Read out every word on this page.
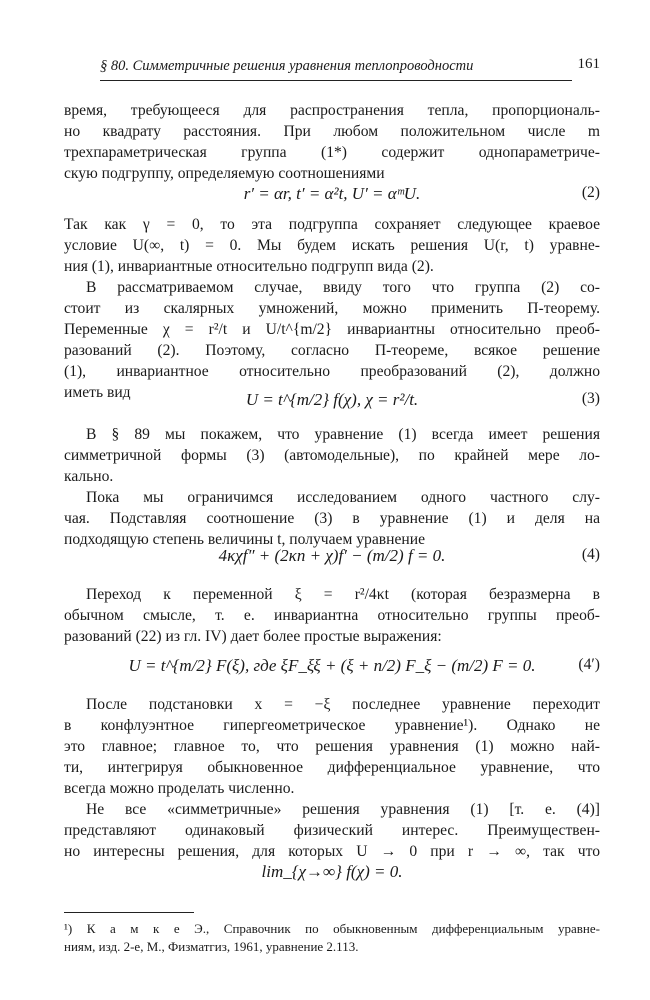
§ 80. Симметричные решения уравнения теплопроводности	161
время, требующееся для распространения тепла, пропорциональ-
но квадрату расстояния. При любом положительном числе m
трехпараметрическая группа (1*) содержит однопараметриче-
скую подгруппу, определяемую соотношениями
r′ = αr, t′ = α²t, U′ = αᵐU.	(2)
Так как γ = 0, то эта подгруппа сохраняет следующее краевое
условие U(∞, t) = 0. Мы будем искать решения U(r, t) уравне-
ния (1), инвариантные относительно подгрупп вида (2).
В рассматриваемом случае, ввиду того что группа (2) со-
стоит из скалярных умножений, можно применить Π-теорему.
Переменные χ = r²/t и U/t^{m/2} инвариантны относительно преоб-
разований (2). Поэтому, согласно Π-теореме, всякое решение
(1), инвариантное относительно преобразований (2), должно
иметь вид	U = t^{m/2} f(χ), χ = r²/t.	(3)
В § 89 мы покажем, что уравнение (1) всегда имеет решения
симметричной формы (3) (автомодельные), по крайней мере ло-
кально.
Пока мы ограничимся исследованием одного частного слу-
чая. Подставляя соотношение (3) в уравнение (1) и деля на
подходящую степень величины t, получаем уравнение
4κχf″ + (2κn + χ)f′ − (m/2) f = 0.	(4)
Переход к переменной ξ = r²/4κt (которая безразмерна в
обычном смысле, т. е. инвариантна относительно группы преоб-
разований (22) из гл. IV) дает более простые выражения:
U = t^{m/2} F(ξ), где ξF_ξξ + (ξ + n/2) F_ξ − (m/2) F = 0.	(4′)
После подстановки x = −ξ последнее уравнение переходит
в конфлуэнтное гипергеометрическое уравнение¹). Однако не
это главное; главное то, что решения уравнения (1) можно най-
ти, интегрируя обыкновенное дифференциальное уравнение, что
всегда можно проделать численно.
Не все «симметричные» решения уравнения (1) [т. е. (4)]
представляют одинаковый физический интерес. Преимуществен-
но интересны решения, для которых U → 0 при r → ∞, так что
lim_{χ→∞} f(χ) = 0.
¹) К а м к е Э., Справочник по обыкновенным дифференциальным уравне-
ниям, изд. 2-е, М., Физматгиз, 1961, уравнение 2.113.
